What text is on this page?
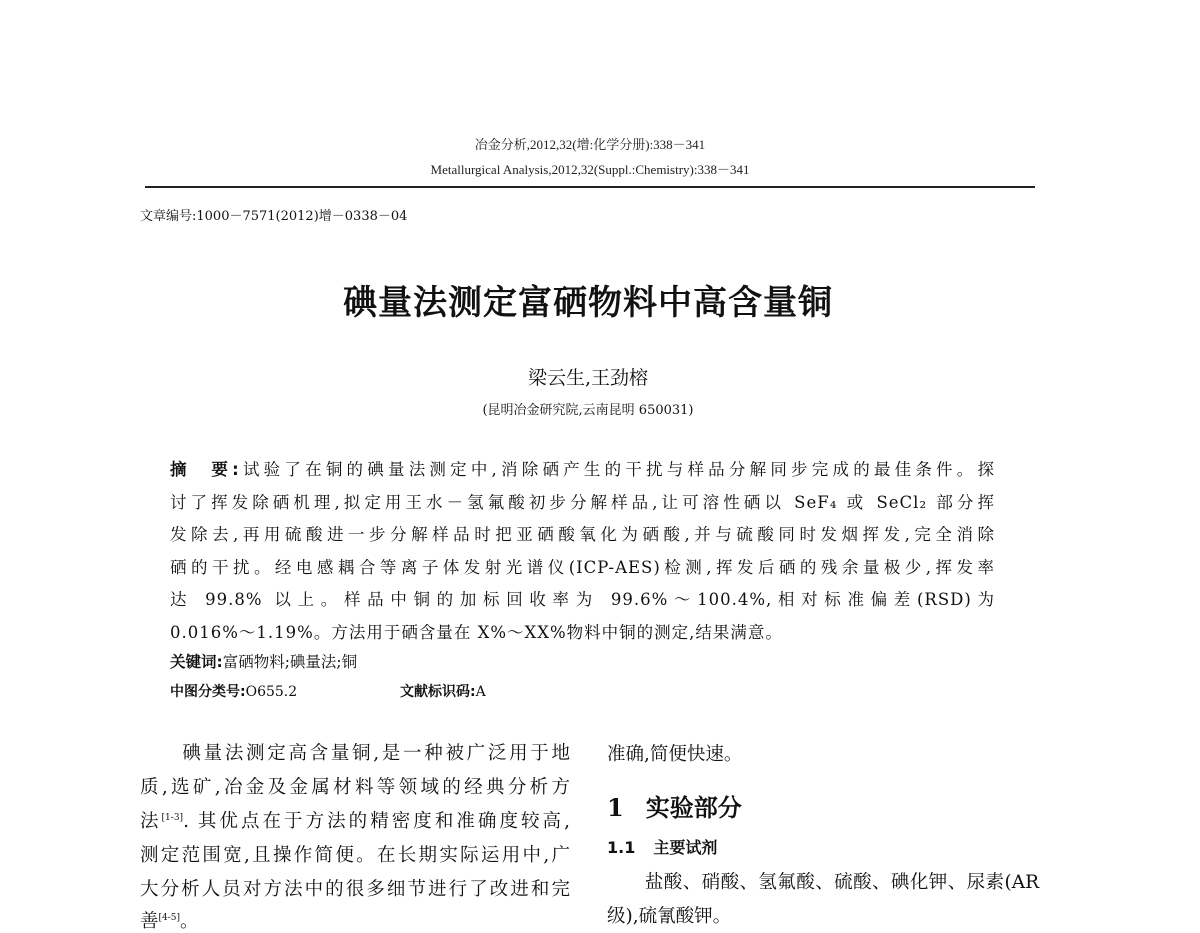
冶金分析,2012,32(增:化学分册):338－341
Metallurgical Analysis,2012,32(Suppl.:Chemistry):338－341
文章编号:1000－7571(2012)增－0338－04
碘量法测定富硒物料中高含量铜
梁云生,王劲榕
(昆明冶金研究院,云南昆明 650031)
摘　要:试验了在铜的碘量法测定中,消除硒产生的干扰与样品分解同步完成的最佳条件。探
讨了挥发除硒机理,拟定用王水－氢氟酸初步分解样品,让可溶性硒以 SeF₄ 或 SeCl₂ 部分挥
发除去,再用硫酸进一步分解样品时把亚硒酸氧化为硒酸,并与硫酸同时发烟挥发,完全消除
硒的干扰。经电感耦合等离子体发射光谱仪(ICP-AES)检测,挥发后硒的残余量极少,挥发率
达 99.8% 以上。样品中铜的加标回收率为 99.6%～100.4%,相对标准偏差(RSD)为
0.016%～1.19%。方法用于硒含量在 X%～XX%物料中铜的测定,结果满意。
关键词:富硒物料;碘量法;铜
中图分类号:O655.2	文献标识码:A
　　碘量法测定高含量铜,是一种被广泛用于地
质,选矿,冶金及金属材料等领域的经典分析方
法[1-3]. 其优点在于方法的精密度和准确度较高,
测定范围宽,且操作简便。在长期实际运用中,广
大分析人员对方法中的很多细节进行了改进和完
善[4-5]。
准确,简便快速。
1 实验部分
1.1 主要试剂
　　盐酸、硝酸、氢氟酸、硫酸、碘化钾、尿素(AR
级),硫氰酸钾。
